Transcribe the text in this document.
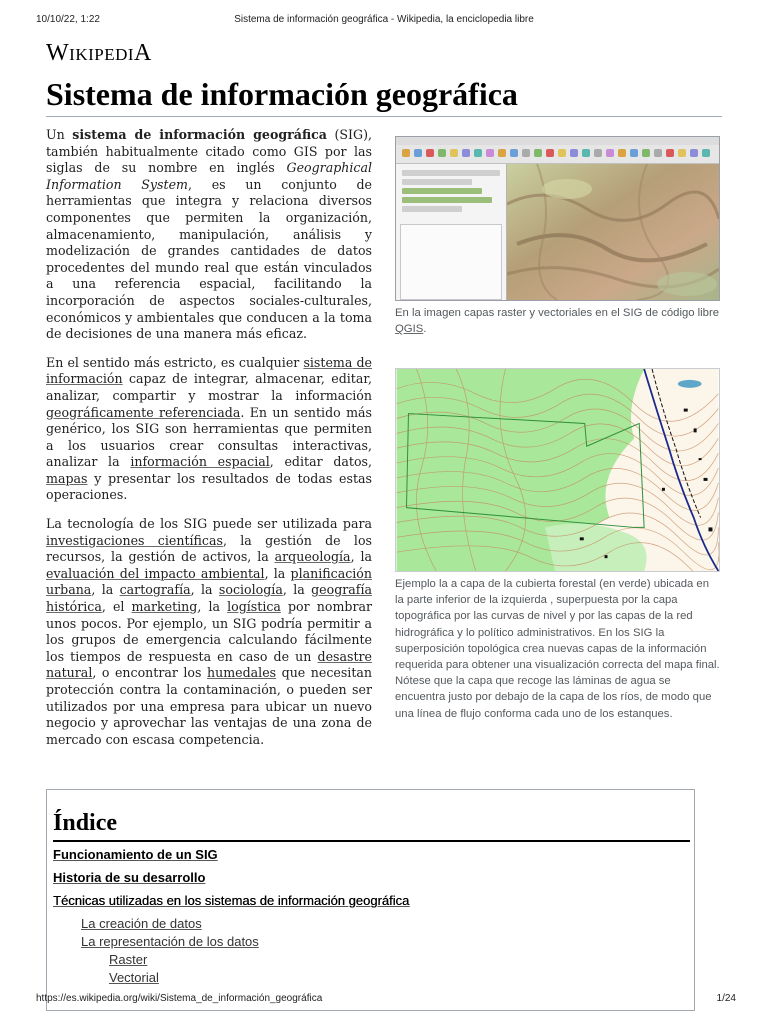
Sistema de información geográfica - Wikipedia, la enciclopedia libre
10/10/22, 1:22
WIKIPEDIA
Sistema de información geográfica

Un sistema de información geográfica (SIG), también habitualmente citado como GIS por las siglas de su nombre en inglés Geographical Information System, es un conjunto de herramientas que integra y relaciona diversos componentes que permiten la organización, almacenamiento, manipulación, análisis y modelización de grandes cantidades de datos procedentes del mundo real que están vinculados a una referencia espacial, facilitando la incorporación de aspectos sociales-culturales, económicos y ambientales que conducen a la toma de decisiones de una manera más eficaz.

En el sentido más estricto, es cualquier sistema de información capaz de integrar, almacenar, editar, analizar, compartir y mostrar la información geográficamente referenciada. En un sentido más genérico, los SIG son herramientas que permiten a los usuarios crear consultas interactivas, analizar la información espacial, editar datos, mapas y presentar los resultados de todas estas operaciones.

La tecnología de los SIG puede ser utilizada para investigaciones científicas, la gestión de los recursos, la gestión de activos, la arqueología, la evaluación del impacto ambiental, la planificación urbana, la cartografía, la sociología, la geografía histórica, el marketing, la logística por nombrar unos pocos. Por ejemplo, un SIG podría permitir a los grupos de emergencia calculando fácilmente los tiempos de respuesta en caso de un desastre natural, o encontrar los humedales que necesitan protección contra la contaminación, o pueden ser utilizados por una empresa para ubicar un nuevo negocio y aprovechar las ventajas de una zona de mercado con escasa competencia.

En la imagen capas raster y vectoriales en el SIG de código libre QGIS.
Ejemplo la a capa de la cubierta forestal (en verde) ubicada en la parte inferior de la izquierda , superpuesta por la capa topográfica por las curvas de nivel y por las capas de la red hidrográfica y lo político administrativos. En los SIG la superposición topológica crea nuevas capas de la información requerida para obtener una visualización correcta del mapa final. Nótese que la capa que recoge las láminas de agua se encuentra justo por debajo de la capa de los ríos, de modo que una línea de flujo conforma cada uno de los estanques.
Índice
Funcionamiento de un SIG
Historia de su desarrollo
Técnicas utilizadas en los sistemas de información geográfica
La creación de datos
La representación de los datos
Raster
Vectorial
https://es.wikipedia.org/wiki/Sistema_de_información_geográfica	1/24
